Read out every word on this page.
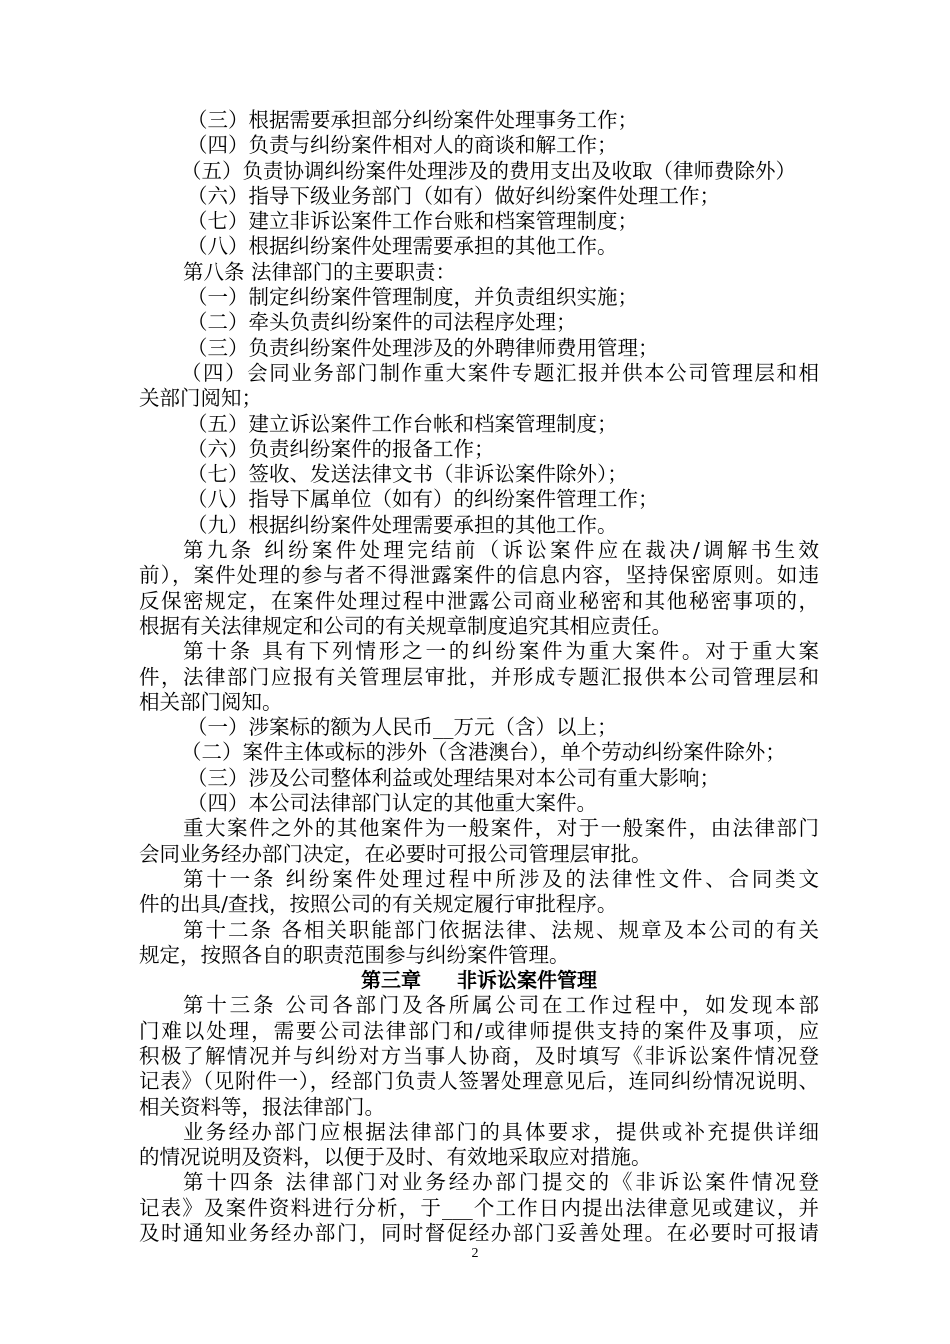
（三）根据需要承担部分纠纷案件处理事务工作；
（四）负责与纠纷案件相对人的商谈和解工作；
（五）负责协调纠纷案件处理涉及的费用支出及收取（律师费除外）
（六）指导下级业务部门（如有）做好纠纷案件处理工作；
（七）建立非诉讼案件工作台账和档案管理制度；
（八）根据纠纷案件处理需要承担的其他工作。
第八条 法律部门的主要职责：
（一）制定纠纷案件管理制度，并负责组织实施；
（二）牵头负责纠纷案件的司法程序处理；
（三）负责纠纷案件处理涉及的外聘律师费用管理；
（四）会同业务部门制作重大案件专题汇报并供本公司管理层和相
关部门阅知；
（五）建立诉讼案件工作台帐和档案管理制度；
（六）负责纠纷案件的报备工作；
（七）签收、发送法律文书（非诉讼案件除外）；
（八）指导下属单位（如有）的纠纷案件管理工作；
（九）根据纠纷案件处理需要承担的其他工作。
第九条 纠纷案件处理完结前（诉讼案件应在裁决/调解书生效
前），案件处理的参与者不得泄露案件的信息内容，坚持保密原则。如违
反保密规定，在案件处理过程中泄露公司商业秘密和其他秘密事项的，
根据有关法律规定和公司的有关规章制度追究其相应责任。
第十条 具有下列情形之一的纠纷案件为重大案件。对于重大案
件，法律部门应报有关管理层审批，并形成专题汇报供本公司管理层和
相关部门阅知。
（一）涉案标的额为人民币__万元（含）以上；
（二）案件主体或标的涉外（含港澳台），单个劳动纠纷案件除外；
（三）涉及公司整体利益或处理结果对本公司有重大影响；
（四）本公司法律部门认定的其他重大案件。
重大案件之外的其他案件为一般案件，对于一般案件，由法律部门
会同业务经办部门决定，在必要时可报公司管理层审批。
第十一条 纠纷案件处理过程中所涉及的法律性文件、合同类文
件的出具/查找，按照公司的有关规定履行审批程序。
第十二条 各相关职能部门依据法律、法规、规章及本公司的有关
规定，按照各自的职责范围参与纠纷案件管理。
第三章 非诉讼案件管理
第十三条 公司各部门及各所属公司在工作过程中，如发现本部
门难以处理，需要公司法律部门和/或律师提供支持的案件及事项，应
积极了解情况并与纠纷对方当事人协商，及时填写《非诉讼案件情况登
记表》（见附件一），经部门负责人签署处理意见后，连同纠纷情况说明、
相关资料等，报法律部门。
业务经办部门应根据法律部门的具体要求，提供或补充提供详细
的情况说明及资料，以便于及时、有效地采取应对措施。
第十四条 法律部门对业务经办部门提交的《非诉讼案件情况登
记表》及案件资料进行分析，于___个工作日内提出法律意见或建议，并
及时通知业务经办部门，同时督促经办部门妥善处理。在必要时可报请
2
